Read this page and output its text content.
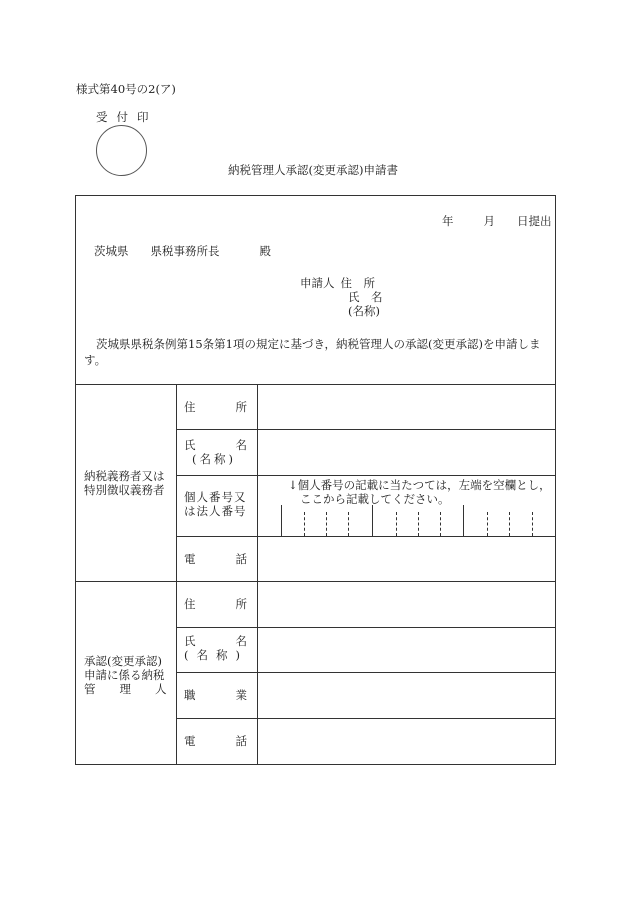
様式第40号の2(ア)
受付印
納税管理人承認(変更承認)申請書
年	月 日提出
茨城県 県税事務所長	殿
申請人 住　所
氏　名
(名称)
茨城県県税条例第15条第1項の規定に基づき，納税管理人の承認(変更承認)を申請します。
納税義務者又は
特別徴収義務者
住所
氏名
(名称)
個人番号又
は法人番号
↓個人番号の記載に当たつては，左端を空欄とし，
ここから記載してください。
電話
承認(変更承認)
申請に係る納税
管理人
住所
氏名
(名称)
職業
電話
